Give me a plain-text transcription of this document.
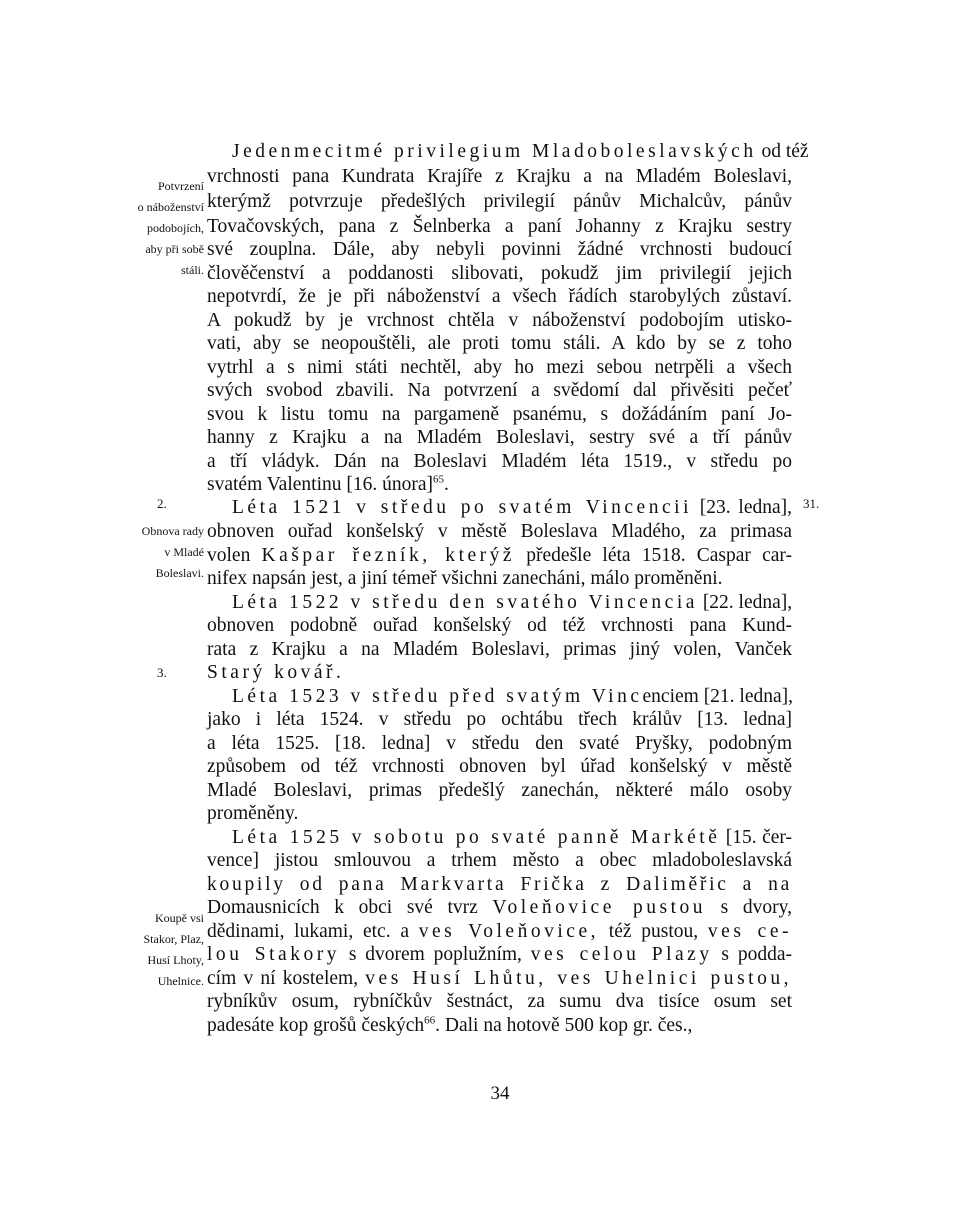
Potvrzení
o náboženství
podobojích,
aby při sobě
stáli.
2.
Obnova rady
v Mladé
Boleslavi.
3.
Koupě vsi
Stakor, Plaz,
Husí Lhoty,
Uhelnice.
31.
Jedenmecitmé privilegium Mladoboleslavských od též
vrchnosti pana Kundrata Krajíře z Krajku a na Mladém Boleslavi,
kterýmž potvrzuje předešlých privilegií pánův Michalcův, pánův
Tovačovských, pana z Šelnberka a paní Johanny z Krajku sestry
své zouplna. Dále, aby nebyli povinni žádné vrchnosti budoucí
člověčenství a poddanosti slibovati, pokudž jim privilegií jejich
nepotvrdí, že je při náboženství a všech řádích starobylých zůstaví.
A pokudž by je vrchnost chtěla v náboženství podobojím utisko-
vati, aby se neopouštěli, ale proti tomu stáli. A kdo by se z toho
vytrhl a s nimi státi nechtěl, aby ho mezi sebou netrpěli a všech
svých svobod zbavili. Na potvrzení a svědomí dal přivěsiti pečeť
svou k listu tomu na pargameně psanému, s dožádáním paní Jo-
hanny z Krajku a na Mladém Boleslavi, sestry své a tří pánův
a tří vládyk. Dán na Boleslavi Mladém léta 1519., v středu po
svatém Valentinu [16. února]$^{65}$.
Léta 1521 v středu po svatém Vincencii [23. ledna],
obnoven ouřad konšelský v městě Boleslava Mladého, za primasa
volen Kašpar řezník, kterýž předešle léta 1518. Caspar car-
nifex napsán jest, a jiní témeř všichni zanecháni, málo proměněni.
Léta 1522 v středu den svatého Vincencia [22. ledna],
obnoven podobně ouřad konšelský od též vrchnosti pana Kund-
rata z Krajku a na Mladém Boleslavi, primas jiný volen, Vanček
Starý kovář.
Léta 1523 v středu před svatým Vincenciem [21. ledna],
jako i léta 1524. v středu po ochtábu třech králův [13. ledna]
a léta 1525. [18. ledna] v středu den svaté Pryšky, podobným
způsobem od též vrchnosti obnoven byl úřad konšelský v městě
Mladé Boleslavi, primas předešlý zanechán, některé málo osoby
proměněny.
Léta 1525 v sobotu po svaté panně Markétě [15. čer-
vence] jistou smlouvou a trhem město a obec mladoboleslavská
koupily od pana Markvarta Frička z Daliměřic a na
Domausnicích k obci své tvrz Voleňovice pustou s dvory,
dědinami, lukami, etc. a ves Voleňovice, též pustou, ves ce-
lou Stakory s dvorem poplužním, ves celou Plazy s podda-
cím v ní kostelem, ves Husí Lhůtu, ves Uhelnici pustou,
rybníkův osum, rybníčkův šestnáct, za sumu dva tisíce osum set
padesáte kop grošů českých$^{66}$. Dali na hotově 500 kop gr. čes.,
34
